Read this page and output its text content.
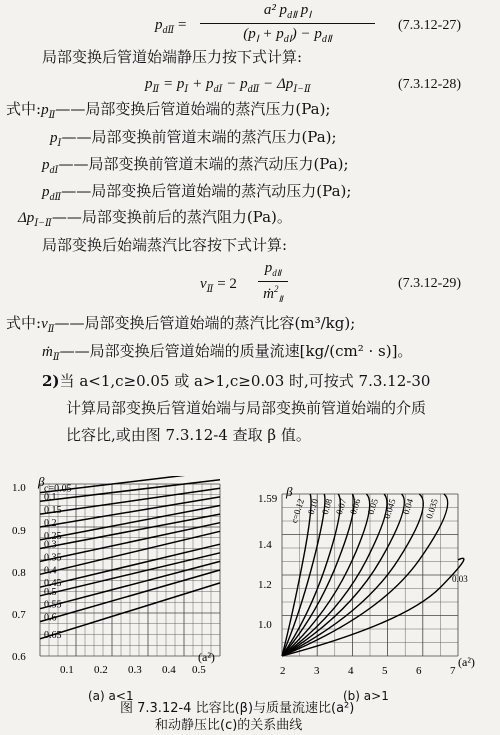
$p_{dⅡ}$ =
a² $p_{dⅡ}$ $p_Ⅰ$
$(p_Ⅰ + p_{dⅠ}) - p_{dⅡ}$
(7.3.12-27)
局部变换后管道始端静压力按下式计算:
$p_Ⅱ = p_Ⅰ + p_{dⅠ} - p_{dⅡ} - \Delta p_{Ⅰ-Ⅱ}$	(7.3.12-28)
式中$:p_Ⅱ——$局部变换后管道始端的蒸汽压力(Pa);
$p_Ⅰ——$局部变换前管道末端的蒸汽压力(Pa);
$p_{dⅠ}——$局部变换前管道末端的蒸汽动压力(Pa);
$p_{dⅡ}——$局部变换后管道始端的蒸汽动压力(Pa);
$\Delta p_{Ⅰ-Ⅱ}——$局部变换前后的蒸汽阻力(Pa)。
局部变换后始端蒸汽比容按下式计算:
$\nu_Ⅱ = 2$
$p_{dⅡ}$
ṁ$^2_Ⅱ$
(7.3.12-29)
式中$:\nu_Ⅱ——$局部变换后管道始端的蒸汽比容(m³/kg);
ṁ$_Ⅱ$——局部变换后管道始端的质量流速[kg/(cm² · s)]。
2)当 a<1,c≥0.05 或 a>1,c≥0.03 时,可按式 7.3.12-30
计算局部变换后管道始端与局部变换前管道始端的介质
比容比,或由图 7.3.12-4 查取 β 值。
c=0.05
0.1
0.15
0.2
0.25
0.3
0.35
0.4
0.45
0.5
0.55
0.6
0.65
β
(a²)
1.0
0.9
0.8
0.7
0.6
0.1 0.2 0.3 0.4 0.5
(a) a<1
c=0.12 0.10 0.08 0.07 0.06 0.05 0.045 0.04 0.035
0.03
β
(a²)
1.59
1.4
1.2
1.0
2	3	4	5	6	7
(b) a>1
图 7.3.12-4 比容比(β)与质量流速比(a²)
和动静压比(c)的关系曲线
